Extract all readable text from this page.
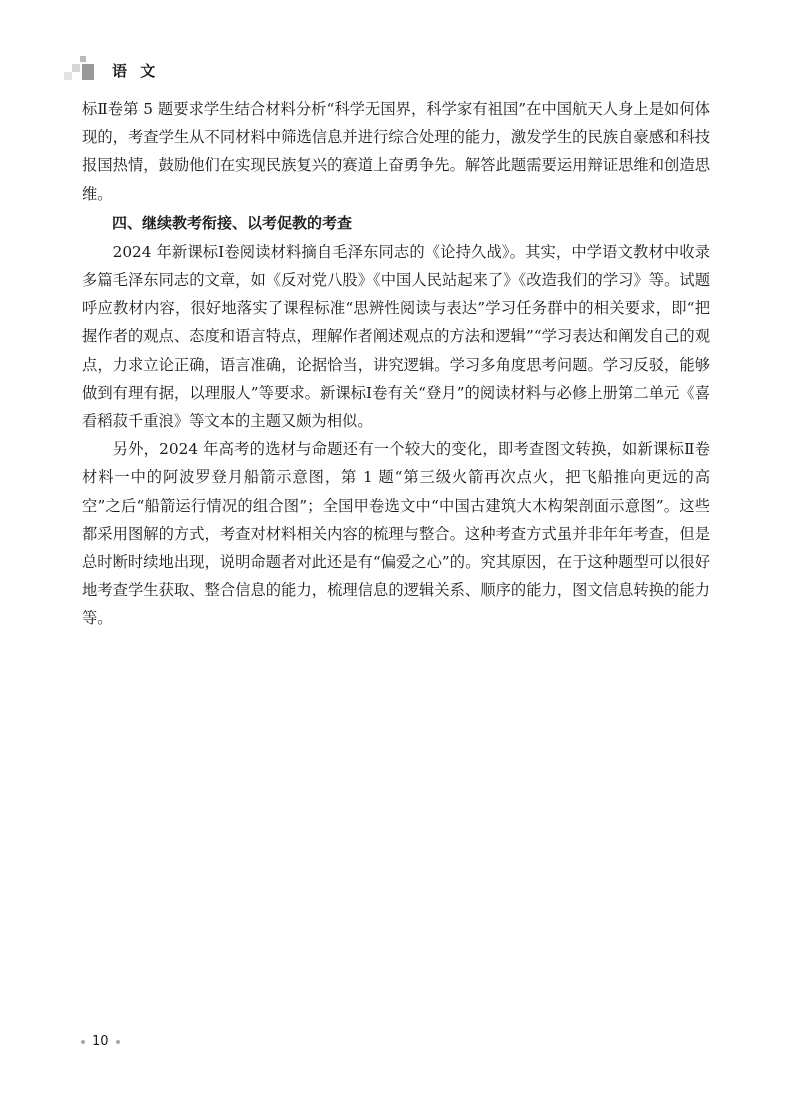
语 文

标Ⅱ卷第 5 题要求学生结合材料分析“科学无国界，科学家有祖国”在中国航天人身上是如何体现的，考查学生从不同材料中筛选信息并进行综合处理的能力，激发学生的民族自豪感和科技报国热情，鼓励他们在实现民族复兴的赛道上奋勇争先。解答此题需要运用辩证思维和创造思维。

四、继续教考衔接、以考促教的考查

2024 年新课标Ⅰ卷阅读材料摘自毛泽东同志的《论持久战》。其实，中学语文教材中收录多篇毛泽东同志的文章，如《反对党八股》《中国人民站起来了》《改造我们的学习》等。试题呼应教材内容，很好地落实了课程标准“思辨性阅读与表达”学习任务群中的相关要求，即“把握作者的观点、态度和语言特点，理解作者阐述观点的方法和逻辑”“学习表达和阐发自己的观点，力求立论正确，语言准确，论据恰当，讲究逻辑。学习多角度思考问题。学习反驳，能够做到有理有据，以理服人”等要求。新课标Ⅰ卷有关“登月”的阅读材料与必修上册第二单元《喜看稻菽千重浪》等文本的主题又颇为相似。

另外，2024 年高考的选材与命题还有一个较大的变化，即考查图文转换，如新课标Ⅱ卷材料一中的阿波罗登月船箭示意图，第 1 题“第三级火箭再次点火，把飞船推向更远的高空”之后“船箭运行情况的组合图”；全国甲卷选文中“中国古建筑大木构架剖面示意图”。这些都采用图解的方式，考查对材料相关内容的梳理与整合。这种考查方式虽并非年年考查，但是总时断时续地出现，说明命题者对此还是有“偏爱之心”的。究其原因，在于这种题型可以很好地考查学生获取、整合信息的能力，梳理信息的逻辑关系、顺序的能力，图文信息转换的能力等。

10
